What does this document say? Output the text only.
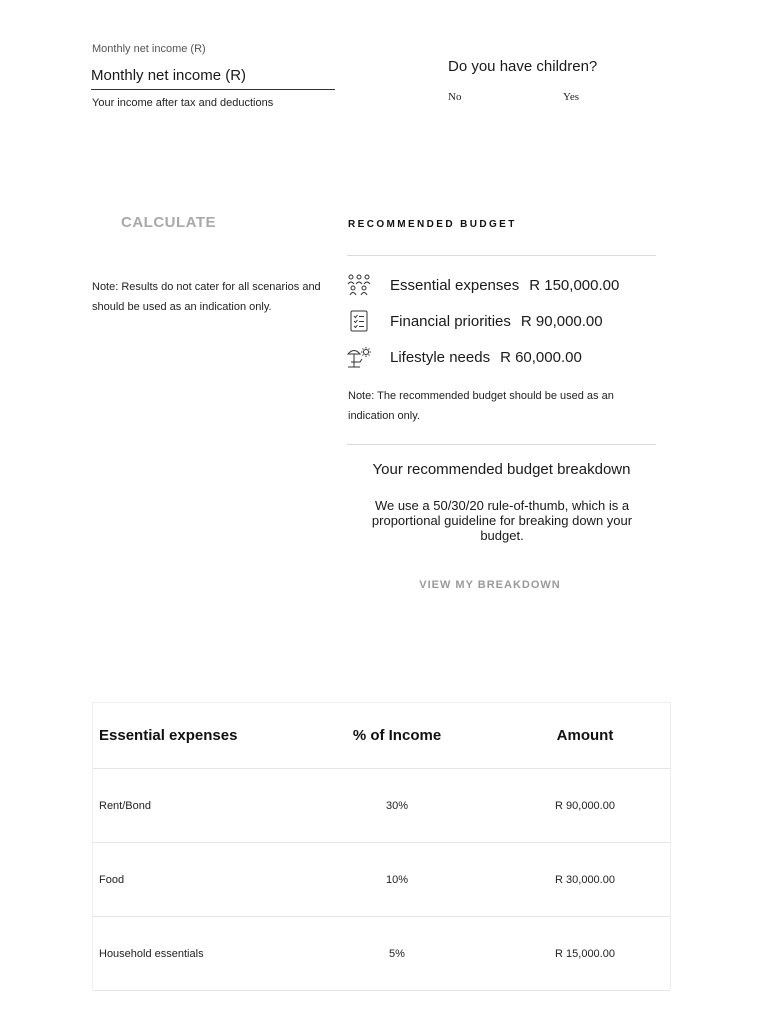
Monthly net income (R)
Monthly net income (R)
Your income after tax and deductions
Do you have children?
No	Yes
CALCULATE
Note: Results do not cater for all scenarios and should be used as an indication only.
RECOMMENDED BUDGET
Essential expenses R 150,000.00
Financial priorities R 90,000.00
Lifestyle needs R 60,000.00
Note: The recommended budget should be used as an indication only.
Your recommended budget breakdown
We use a 50/30/20 rule-of-thumb, which is a proportional guideline for breaking down your budget.
VIEW MY BREAKDOWN
Essential expenses	% of Income	Amount
Rent/Bond	30%	R 90,000.00
Food	10%	R 30,000.00
Household essentials	5%	R 15,000.00
